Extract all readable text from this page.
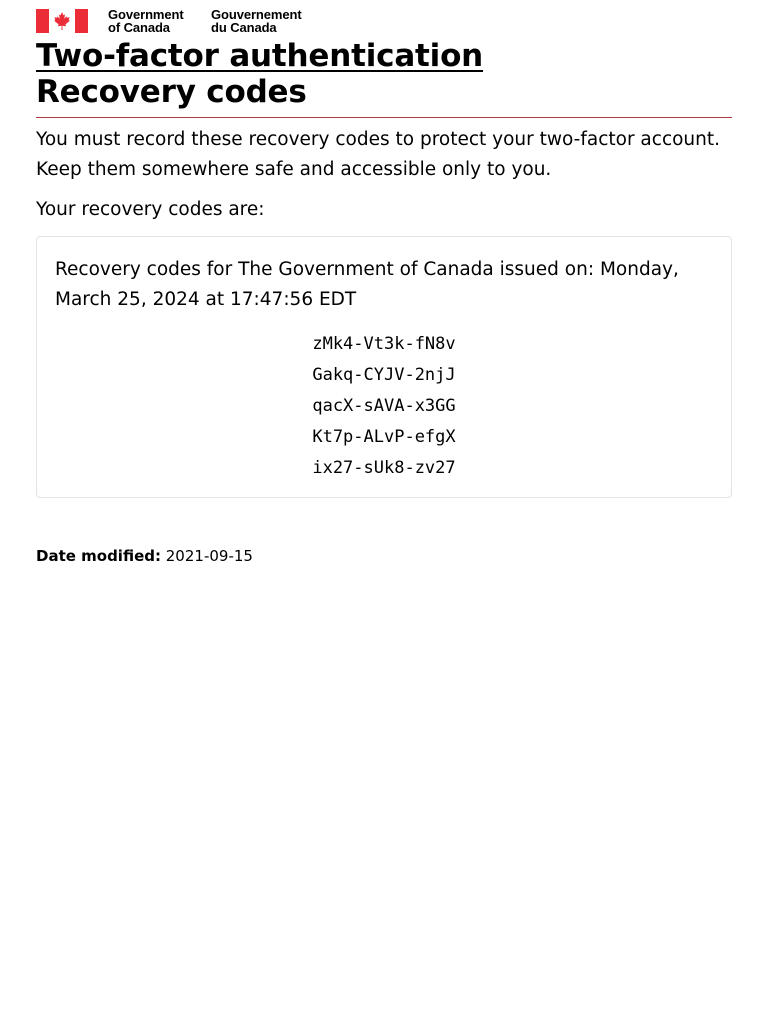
Government
of Canada
Gouvernement
du Canada
Two-factor authentication
Recovery codes

You must record these recovery codes to protect your two-factor account. Keep them somewhere safe and accessible only to you.

Your recovery codes are:

Recovery codes for The Government of Canada issued on: Monday, March 25, 2024 at 17:47:56 EDT

zMk4-Vt3k-fN8v
Gakq-CYJV-2njJ
qacX-sAVA-x3GG
Kt7p-ALvP-efgX
ix27-sUk8-zv27
Date modified: 2021-09-15
